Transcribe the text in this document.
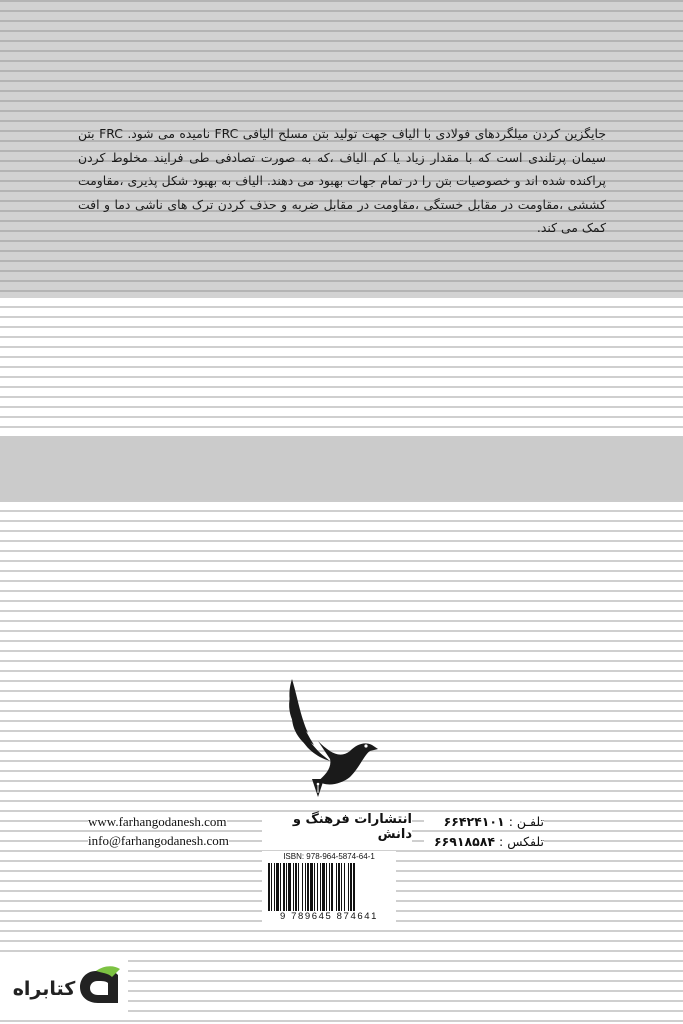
جایگزین کردن میلگردهای فولادی با الیاف جهت تولید بتن مسلح الیافی FRC نامیده می شود. FRC بتن سیمان پرتلندی است که با مقدار زیاد یا کم الیاف ،که به صورت تصادفی طی فرایند مخلوط کردن پراکنده شده اند و خصوصیات بتن را در تمام جهات بهبود می دهند. الیاف به بهبود شکل پذیری ،مقاومت کششی ،مقاومت در مقابل خستگی ،مقاومت در مقابل ضربه و حذف کردن ترک های ناشی دما و افت کمک می کند.
انتشارات فرهنگ و دانش
www.farhangodanesh.com
info@farhangodanesh.com
تلفـن : ۶۶۴۲۴۱۰۱
تلفکس : ۶۶۹۱۸۵۸۴
ISBN: 978-964-5874-64-1
9 789645 874641
کتابراه
